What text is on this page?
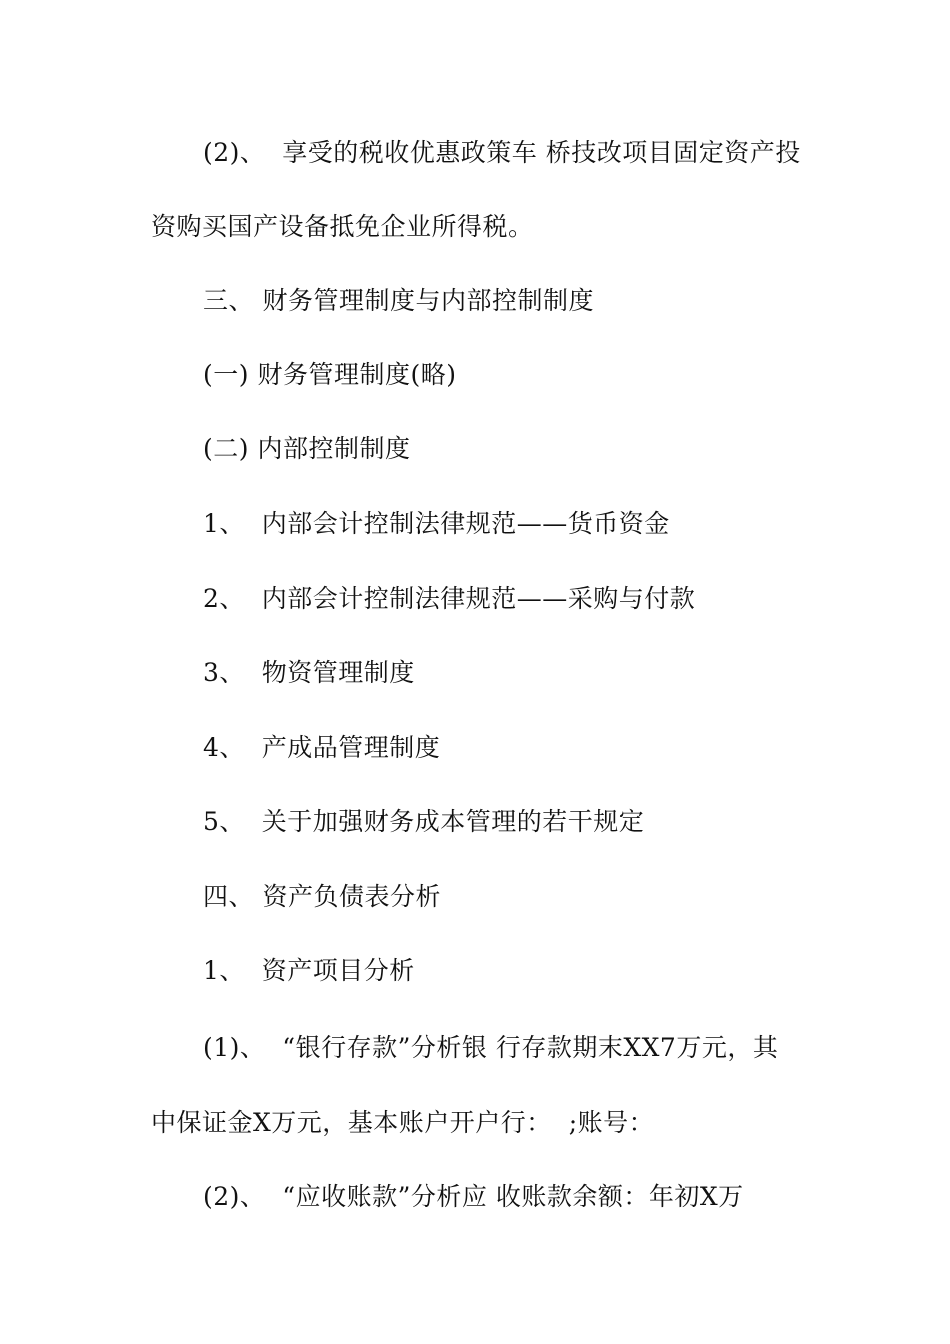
(2)、  享受的税收优惠政策车 桥技改项目固定资产投
资购买国产设备抵免企业所得税。
三、 财务管理制度与内部控制制度
(一) 财务管理制度(略)
(二) 内部控制制度
1、  内部会计控制法律规范——货币资金
2、  内部会计控制法律规范——采购与付款
3、  物资管理制度
4、  产成品管理制度
5、  关于加强财务成本管理的若干规定
四、 资产负债表分析
1、  资产项目分析
(1)、  “银行存款”分析银 行存款期末XX7万元，其
中保证金X万元，基本账户开户行：  ;账号：
(2)、  “应收账款”分析应 收账款余额：年初X万
